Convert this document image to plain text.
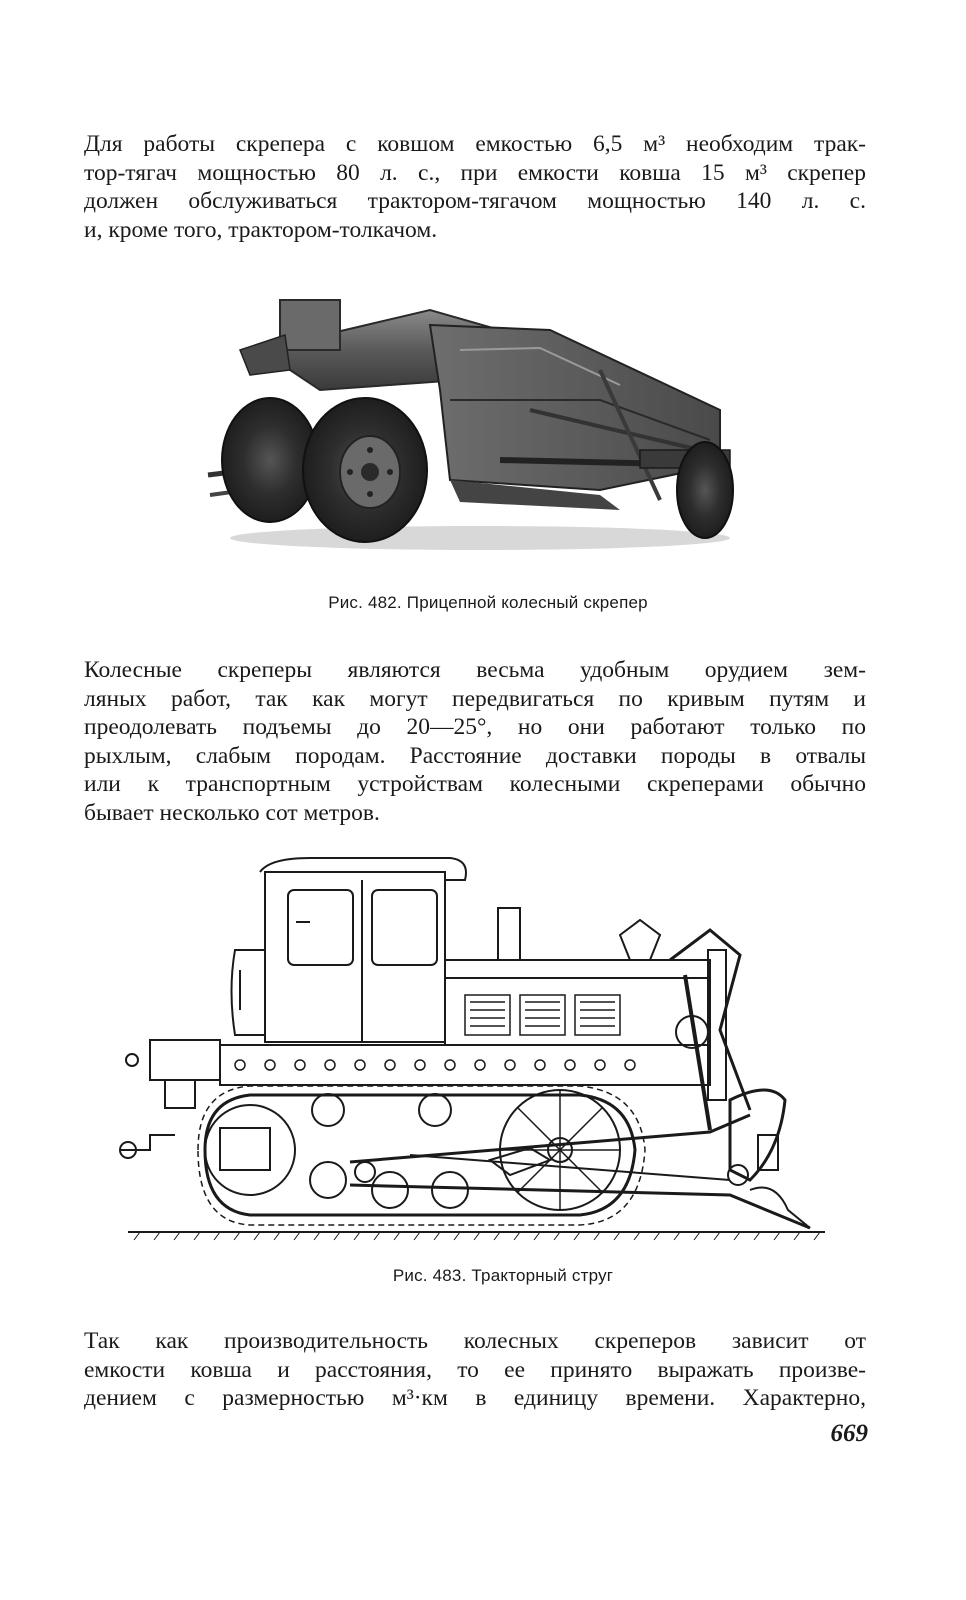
Для работы скрепера с ковшом емкостью 6,5 м³ необходим трак-
тор-тягач мощностью 80 л. с., при емкости ковша 15 м³ скрепер
должен обслуживаться трактором-тягачом мощностью 140 л. с.
и, кроме того, трактором-толкачом.

Рис. 482. Прицепной колесный скрепер

Колесные скреперы являются весьма удобным орудием зем-
ляных работ, так как могут передвигаться по кривым путям и
преодолевать подъемы до 20—25°, но они работают только по
рыхлым, слабым породам. Расстояние доставки породы в отвалы
или к транспортным устройствам колесными скреперами обычно
бывает несколько сот метров.

Рис. 483. Тракторный струг

Так как производительность колесных скреперов зависит от
емкости ковша и расстояния, то ее принято выражать произве-
дением с размерностью м³·км в единицу времени. Характерно,

669
